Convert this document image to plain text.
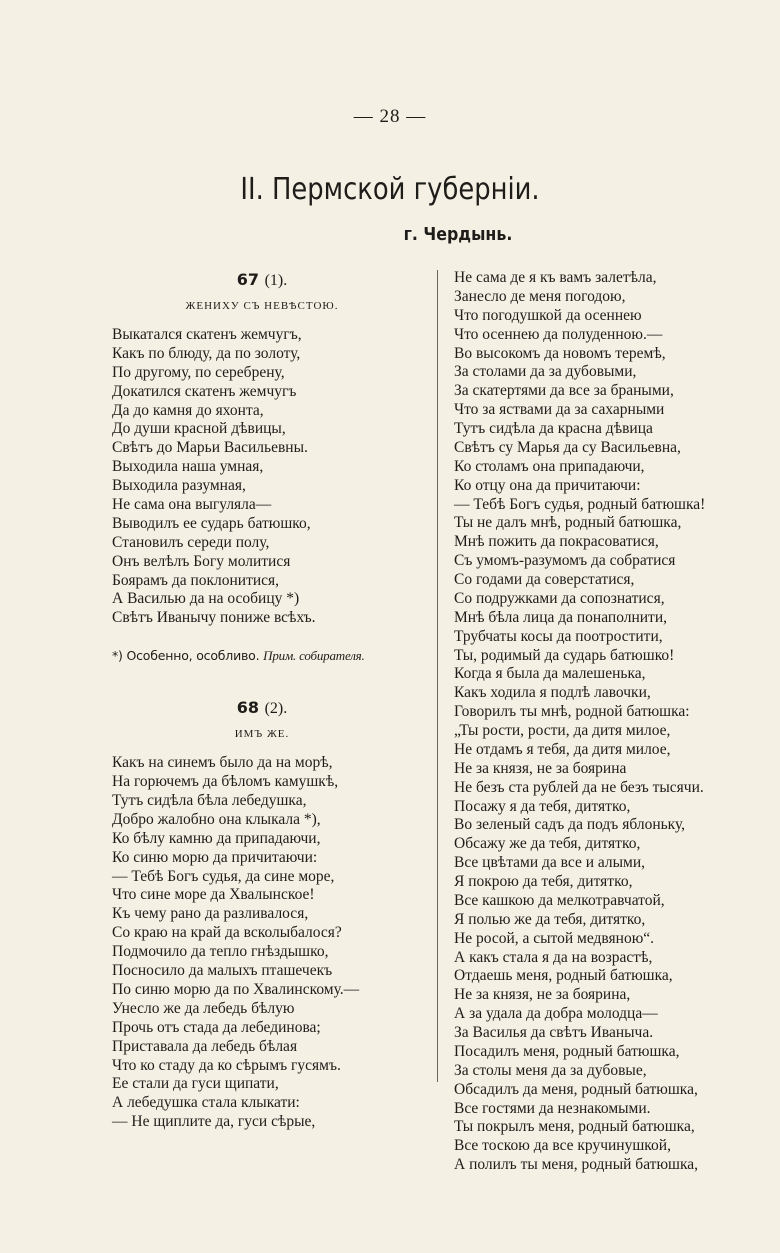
— 28 —
II. Пермской губерніи.
г. Чердынь.
67 (1).
ЖЕНИХУ СЪ НЕВѢСТОЮ.
Выкатался скатенъ жемчугъ,
Какъ по блюду, да по золоту,
По другому, по серебрену,
Докатился скатенъ жемчугъ
Да до камня до яхонта,
До души красной дѣвицы,
Свѣтъ до Марьи Васильевны.
Выходила наша умная,
Выходила разумная,
Не сама она выгуляла—
Выводилъ ее сударь батюшко,
Становилъ середи полу,
Онъ велѣлъ Богу молитися
Боярамъ да поклонитися,
А Василью да на особицу *)
Свѣтъ Иванычу пониже всѣхъ.
*) Особенно, особливо. Прим. собирателя.
68 (2).
ИМЪ ЖЕ.
Какъ на синемъ было да на морѣ,
На горючемъ да бѣломъ камушкѣ,
Тутъ сидѣла бѣла лебедушка,
Добро жалобно она клыкала *),
Ко бѣлу камню да припадаючи,
Ко синю морю да причитаючи:
— Тебѣ Богъ судья, да сине море,
Что сине море да Хвалынское!
Къ чему рано да разливалося,
Со краю на край да всколыбалося?
Подмочило да тепло гнѣздышко,
Поcносило да малыхъ пташечекъ
По синю морю да по Хвалинскому.—
Унесло же да лебедь бѣлую
Прочь отъ стада да лебединова;
Приставала да лебедь бѣлая
Что ко стаду да ко сѣрымъ гусямъ.
Ее стали да гуси щипати,
А лебедушка стала клыкати:
— Не щиплите да, гуси сѣрые,
Не сама де я къ вамъ залетѣла,
Занесло де меня погодою,
Что погодушкой да осеннею
Что осеннею да полуденною.—
Во высокомъ да новомъ теремѣ,
За столами да за дубовыми,
За скатертями да все за браными,
Что за яствами да за сахарными
Тутъ сидѣла да красна дѣвица
Свѣтъ су Марья да су Васильевна,
Ко столамъ она припадаючи,
Ко отцу она да причитаючи:
— Тебѣ Богъ судья, родный батюшка!
Ты не далъ мнѣ, родный батюшка,
Мнѣ пожить да покрасоватися,
Съ умомъ-разумомъ да собратися
Со годами да соверстатися,
Со подружками да сопознатися,
Мнѣ бѣла лица да понаполнити,
Трубчаты косы да поотростити,
Ты, родимый да сударь батюшко!
Когда я была да малешенька,
Какъ ходила я подлѣ лавочки,
Говорилъ ты мнѣ, родной батюшка:
„Ты рости, рости, да дитя милое,
Не отдамъ я тебя, да дитя милое,
Не за князя, не за боярина
Не безъ ста рублей да не безъ тысячи.
Посажу я да тебя, дитятко,
Во зеленый садъ да подъ яблоньку,
Обсажу же да тебя, дитятко,
Все цвѣтами да все и алыми,
Я покрою да тебя, дитятко,
Все кашкою да мелкотравчатой,
Я полью же да тебя, дитятко,
Не росой, а сытой медвяною“.
А какъ стала я да на возрастѣ,
Отдаешь меня, родный батюшка,
Не за князя, не за боярина,
А за удала да добра молодца—
За Василья да свѣтъ Иваныча.
Посадилъ меня, родный батюшка,
За столы меня да за дубовые,
Обсадилъ да меня, родный батюшка,
Все гостями да незнакомыми.
Ты покрылъ меня, родный батюшка,
Все тоскою да все кручинушкой,
А полилъ ты меня, родный батюшка,
